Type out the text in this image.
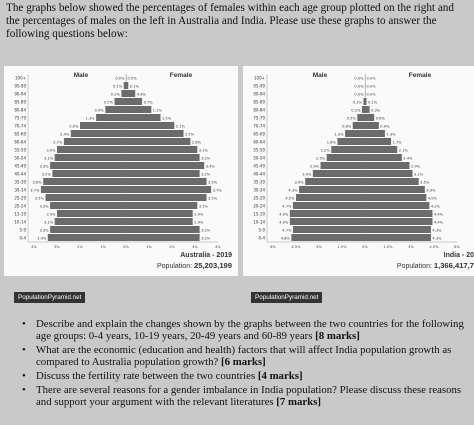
The graphs below showed the percentages of females within each age group plotted on the right and the percentages of males on the left in Australia and India. Please use these graphs to answer the following questions below:

Male	Female
0-4	3.4%	3.2%
5-9	3.3%	3.2%
10-14	3.1%	2.9%
15-19	3.0%	2.9%
20-24	3.3%	3.1%
25-29 3.5%	3.5%
30-34 3.7%	3.7%
35-39 3.6%	3.5%
40-44	3.2%	3.2%
45-49	3.3%	3.4%
50-54	3.1%	3.2%
55-59	3.0%	3.1%
60-64	2.7%	2.8%
65-69	2.4%	2.5%
70-74	2.0%	2.1%
75-79	1.3%	1.5%
80-84	0.9%	1.1%
85-89	0.5%	0.7%
90-94	0.2%	0.4%
95-99	0.1% 0.1%
100+	0.0% 0.0%
4%	3%	2%	1%	0%	1%	2%	3%	4%
Australia - 2019
Population: 25,203,199
Male	Female
0-4	4.8%	4.3%
5-9	4.7%	4.3%
10-14	4.9%	4.4%
15-19	4.9%	4.4%
20-24	4.7%	4.2%
25-29	4.5%	4.0%
30-34	4.3%	3.9%
35-39	3.9%	3.5%
40-44	3.4%	3.1%
45-49	2.9%	2.9%
50-54	2.5%	2.4%
55-59	2.2%	2.1%
60-64	1.8%	1.7%
65-69	1.3%	1.3%
70-74	0.8%	0.9%
75-79	0.5%	0.6%
80-84	0.2%	0.3%
85-89	0.1% 0.1%
90-94	0.0% 0.0%
95-99	0.0% 0.0%
100+	0.0% 0.0%
6%	4.5%	3%	1.5%	0%	1.5%	3%	4.5%	6%
India - 20
Population: 1,366,417,7
PopulationPyramid.net	PopulationPyramid.net
• Describe and explain the changes shown by the graphs between the two countries for the following age groups: 0-4 years, 10-19 years, 20-49 years and 60-89 years [8 marks]
• What are the economic (education and health) factors that will affect India population growth as compared to Australia population growth? [6 marks]
• Discuss the fertility rate between the two countries [4 marks]
• There are several reasons for a gender imbalance in India population? Please discuss these reasons and support your argument with the relevant literatures [7 marks]
